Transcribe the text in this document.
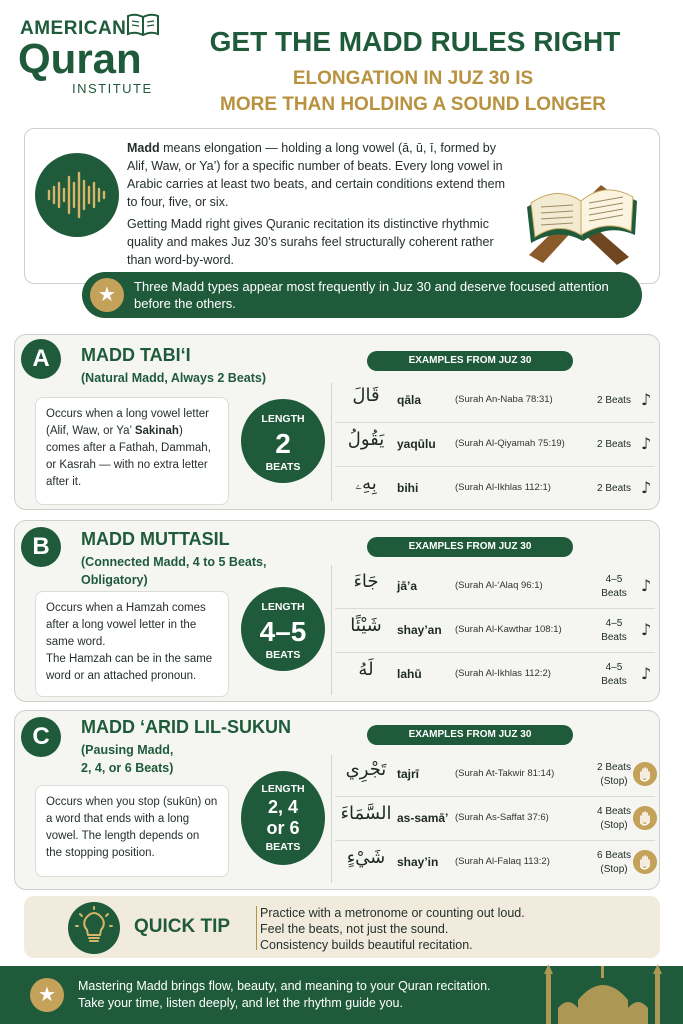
AMERICAN
Quran
INSTITUTE
GET THE MADD RULES RIGHT
ELONGATION IN JUZ 30 IS
MORE THAN HOLDING A SOUND LONGER

Madd means elongation — holding a long vowel (ā, ū, ī, formed by Alif, Waw, or Ya’) for a specific number of beats. Every long vowel in Arabic carries at least two beats, and certain conditions extend them to four, five, or six.

Getting Madd right gives Quranic recitation its distinctive rhythmic quality and makes Juz 30’s surahs feel structurally coherent rather than word-by-word.

★	Three Madd types appear most frequently in Juz 30 and deserve focused attention before the others.
A	MADD TABI‘I
(Natural Madd, Always 2 Beats)
Occurs when a long vowel letter (Alif, Waw, or Ya’ Sakinah) comes after a Fathah, Dammah, or Kasrah — with no extra letter after it.
LENGTH
2
BEATS
EXAMPLES FROM JUZ 30
قَالَ	qāla	(Surah An-Naba 78:31)	2 Beats ♪
يَقُولُ	yaqūlu (Surah Al-Qiyamah 75:19)	2 Beats ♪
بِهِۦ	bihi	(Surah Al-Ikhlas 112:1)	2 Beats ♪
B	MADD MUTTASIL
(Connected Madd, 4 to 5 Beats,
Obligatory)
Occurs when a Hamzah comes after a long vowel letter in the same word.
The Hamzah can be in the same word or an attached pronoun.
LENGTH
4–5
BEATS
EXAMPLES FROM JUZ 30
جَاءَ	jā’a	(Surah Al-‘Alaq 96:1)
4–5
Beats ♪
شَيْئًا	shay’an (Surah Al-Kawthar 108:1)
4–5
Beats ♪
لَهُ	lahū	(Surah Al-Ikhlas 112:2)
4–5
Beats ♪
C	MADD ‘ARID LIL-SUKUN
(Pausing Madd,
2, 4, or 6 Beats)
Occurs when you stop (sukūn) on a word that ends with a long vowel. The length depends on the stopping position.
LENGTH
2, 4
or 6
BEATS
EXAMPLES FROM JUZ 30
تَجْرِي tajrī	(Surah At-Takwir 81:14)
2 Beats
(Stop)
السَّمَاءَ as-samā’ (Surah As-Saffat 37:6)
4 Beats
(Stop)
شَيْءٍ shay’in (Surah Al-Falaq 113:2)
6 Beats
(Stop)
QUICK TIP
Practice with a metronome or counting out loud.
Feel the beats, not just the sound.
Consistency builds beautiful recitation.
★	Mastering Madd brings flow, beauty, and meaning to your Quran recitation.
Take your time, listen deeply, and let the rhythm guide you.
